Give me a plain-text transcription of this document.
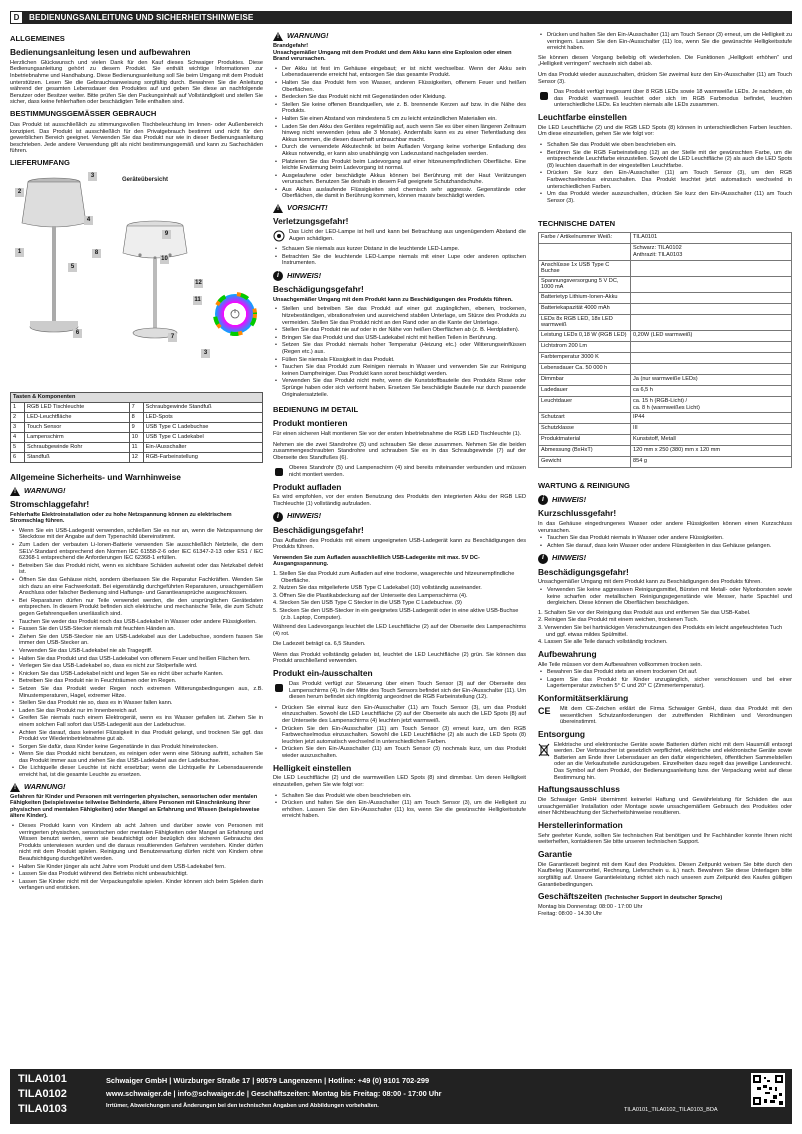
D	BEDIENUNGSANLEITUNG UND SICHERHEITSHINWEISE
ALLGEMEINES
Bedienungsanleitung lesen und aufbewahren

Herzlichen Glückwunsch und vielen Dank für den Kauf dieses Schwaiger Produktes. Diese Bedienungsanleitung gehört zu diesem Produkt. Sie enthält wichtige Informationen zur Inbetriebnahme und Handhabung. Diese Bedienungsanleitung soll Sie beim Umgang mit dem Produkt unterstützen. Lesen Sie die Gebrauchsanweisung sorgfältig durch. Bewahren Sie die Anleitung während der gesamten Lebensdauer des Produktes auf und geben Sie diese an nachfolgende Benutzer oder Besitzer weiter. Bitte prüfen Sie den Packungsinhalt auf Vollständigkeit und stellen Sie sicher, dass keine fehlerhaften oder beschädigten Teile enthalten sind.

BESTIMMUNGSGEMÄSSER GEBRAUCH

Das Produkt ist ausschließlich zu stimmungsvollen Tischbeleuchtung im Innen- oder Außenbereich konzipiert. Das Produkt ist ausschließlich für den Privatgebrauch bestimmt und nicht für den gewerblichen Bereich geeignet. Verwenden Sie das Produkt nur wie in dieser Bedienungsanleitung beschrieben. Jede andere Verwendung gilt als nicht bestimmungsgemäß und kann zu Sachschäden führen.

LIEFERUMFANG
Geräteübersicht
3
2
4
1
5
8
9
10
12
11
6
7
3
Tasten & Komponenten			
1	RGB LED Tischleuchte	7	Schraubgewinde Standfuß
2	LED-Leuchtfläche	8	LED-Spots
3	Touch Sensor	9	USB Type C Ladebuchse
4	Lampenschirm	10	USB Type C Ladekabel
5	Schraubgewinde Rohr	11	Ein-/Ausschalter
6	Standfuß	12	RGB-Farbeinstellung
Allgemeine Sicherheits- und Warnhinweise
! WARNUNG!
Stromschlaggefahr!
Fehlerhafte Elektroinstallation oder zu hohe Netzspannung können zu elektrischem Stromschlag führen.
• Wenn Sie ein USB-Ladegerät verwenden, schließen Sie es nur an, wenn die Netzspannung der Steckdose mit der Angabe auf dem Typenschild übereinstimmt.
• Zum Laden der verbauten Li-Ionen-Batterie verwenden Sie ausschließlich Netzteile, die dem SELV-Standard entsprechend den Normen IEC 61558-2-6 oder IEC 61347-2-13 oder ES1 / IEC 62368-1 entsprechend die Anforderungen IEC 62368-1 erfüllen.
• Betreiben Sie das Produkt nicht, wenn es sichtbare Schäden aufweist oder das Netzkabel defekt ist.
• Öffnen Sie das Gehäuse nicht, sondern überlassen Sie die Reparatur Fachkräften. Wenden Sie sich dazu an eine Fachwerkstatt. Bei eigenständig durchgeführten Reparaturen, unsachgemäßem Anschluss oder falscher Bedienung sind Haftungs- und Garantieansprüche ausgeschlossen.
• Bei Reparaturen dürfen nur Teile verwendet werden, die den ursprünglichen Gerätedaten entsprechen. In diesem Produkt befinden sich elektrische und mechanische Teile, die zum Schutz gegen Gefahrenquellen unerlässlich sind.
• Tauchen Sie weder das Produkt noch das USB-Ladekabel in Wasser oder andere Flüssigkeiten.
• Fassen Sie den USB-Stecker niemals mit feuchten Händen an.
• Ziehen Sie den USB-Stecker nie am USB-Ladekabel aus der Ladebuchse, sondern fassen Sie immer den USB-Stecker an.
• Verwenden Sie das USB-Ladekabel nie als Tragegriff.
• Halten Sie das Produkt und das USB-Ladekabel von offenem Feuer und heißen Flächen fern.
• Verlegen Sie das USB-Ladekabel so, dass es nicht zur Stolperfalle wird.
• Knicken Sie das USB-Ladekabel nicht und legen Sie es nicht über scharfe Kanten.
• Betreiben Sie das Produkt nie in Feuchträumen oder im Regen.
• Setzen Sie das Produkt weder Regen noch extremen Witterungsbedingungen aus, z.B. Minustemperaturen, Hagel, extremer Hitze.
• Stellen Sie das Produkt nie so, dass es in Wasser fallen kann.
• Laden Sie das Produkt nur im Innenbereich auf.
• Greifen Sie niemals nach einem Elektrogerät, wenn es ins Wasser gefallen ist. Ziehen Sie in einem solchen Fall sofort das USB-Ladegerät aus der Ladebuchse.
• Achten Sie darauf, dass keinerlei Flüssigkeit in das Produkt gelangt, und trocknen Sie ggf. das Produkt vor Wiederinbetriebnahme gut ab.
• Sorgen Sie dafür, dass Kinder keine Gegenstände in das Produkt hineinstecken.
• Wenn Sie das Produkt nicht benutzen, es reinigen oder wenn eine Störung auftritt, schalten Sie das Produkt immer aus und ziehen Sie das USB-Ladekabel aus der Ladebuchse.
• Die Lichtquelle dieser Leuchte ist nicht ersetzbar; wenn die Lichtquelle ihr Lebensdauerende erreicht hat, ist die gesamte Leuchte zu ersetzen.
! WARNUNG!
Gefahren für Kinder und Personen mit verringerten physischen, sensorischen oder mentalen Fähigkeiten (beispielsweise teilweise Behinderte, ältere Personen mit Einschränkung ihrer physischen und mentalen Fähigkeiten) oder Mangel an Erfahrung und Wissen (beispielsweise ältere Kinder).
• Dieses Produkt kann von Kindern ab acht Jahren und darüber sowie von Personen mit verringerten physischen, sensorischen oder mentalen Fähigkeiten oder Mangel an Erfahrung und Wissen benutzt werden, wenn sie beaufsichtigt oder bezüglich des sicheren Gebrauchs des Produkts unterwiesen wurden und die daraus resultierenden Gefahren verstehen. Kinder dürfen nicht mit dem Produkt spielen. Reinigung und Benutzerwartung dürfen nicht von Kindern ohne Beaufsichtigung durchgeführt werden.
• Halten Sie Kinder jünger als acht Jahre vom Produkt und dem USB-Ladekabel fern.
• Lassen Sie das Produkt während des Betriebs nicht unbeaufsichtigt.
• Lassen Sie Kinder nicht mit der Verpackungsfolie spielen. Kinder können sich beim Spielen darin verfangen und ersticken.
! WARNUNG!
Brandgefahr!
Unsachgemäßer Umgang mit dem Produkt und dem Akku kann eine Explosion oder einen Brand verursachen.
• Der Akku ist fest im Gehäuse eingebaut; er ist nicht wechselbar. Wenn der Akku sein Lebensdauerende erreicht hat, entsorgen Sie das gesamte Produkt.
• Halten Sie das Produkt fern von Wasser, anderen Flüssigkeiten, offenem Feuer und heißen Oberflächen.
• Bedecken Sie das Produkt nicht mit Gegenständen oder Kleidung.
• Stellen Sie keine offenen Brandquellen, wie z. B. brennende Kerzen auf bzw. in die Nähe des Produkts.
• Halten Sie einen Abstand von mindestens 5 cm zu leicht entzündlichen Materialien ein.
• Laden Sie den Akku des Gerätes regelmäßig auf, auch wenn Sie es über einen längeren Zeitraum hinweg nicht verwenden (etwa alle 3 Monate). Andernfalls kann es zu einer Tiefentladung des Akkus kommen, die diesen dauerhaft unbrauchbar macht.
• Durch die verwendete Akkutechnik ist beim Aufladen Vorgang keine vorherige Entladung des Akkus notwendig, er kann also unabhängig von Ladezustand nachgeladen werden.
• Platzieren Sie das Produkt beim Ladevorgang auf einer hitzeunempfindlichen Oberfläche. Eine leichte Erwärmung beim Ladevorgang ist normal.
• Ausgelaufene oder beschädigte Akkus können bei Berührung mit der Haut Verätzungen verursachen. Benutzen Sie deshalb in diesem Fall geeignete Schutzhandschuhe.
• Aus Akkus auslaufende Flüssigkeiten sind chemisch sehr aggressiv. Gegenstände oder Oberflächen, die damit in Berührung kommen, können massiv beschädigt werden.
! VORSICHT!
Verletzungsgefahr!

Das Licht der LED-Lampe ist hell und kann bei Betrachtung aus ungenügendem Abstand die Augen schädigen.

• Schauen Sie niemals aus kurzer Distanz in die leuchtende LED-Lampe.
• Betrachten Sie die leuchtende LED-Lampe niemals mit einer Lupe oder anderen optischen Instrumenten.
i	HINWEIS!
Beschädigungsgefahr!
Unsachgemäßer Umgang mit dem Produkt kann zu Beschädigungen des Produkts führen.
• Stellen und betreiben Sie das Produkt auf einer gut zugänglichen, ebenen, trockenen, hitzebeständigen, vibrationsfreien und ausreichend stabilen Unterlage, um Stürze des Produkts zu vermeiden. Stellen Sie das Produkt nicht an den Rand oder an die Kante der Unterlage.
• Stellen Sie das Produkt nie auf oder in der Nähe von heißen Oberflächen ab (z. B. Herdplatten).
• Bringen Sie das Produkt und das USB-Ladekabel nicht mit heißen Teilen in Berührung.
• Setzen Sie das Produkt niemals hoher Temperatur (Heizung etc.) oder Witterungseinflüssen (Regen etc.) aus.
• Füllen Sie niemals Flüssigkeit in das Produkt.
• Tauchen Sie das Produkt zum Reinigen niemals in Wasser und verwenden Sie zur Reinigung keinen Dampfreiniger. Das Produkt kann sonst beschädigt werden.
• Verwenden Sie das Produkt nicht mehr, wenn die Kunststoffbauteile des Produkts Risse oder Sprünge haben oder sich verformt haben. Ersetzen Sie beschädigte Bauteile nur durch passende Originalersatzteile.
BEDIENUNG IM DETAIL
Produkt montieren

Für einen sicheren Halt montieren Sie vor der ersten Inbetriebnahme die RGB LED Tischleuchte (1).

Nehmen sie die zwei Standrohre (5) und schrauben Sie diese zusammen. Nehmen Sie die beiden zusammengeschraubten Standrohre und schrauben Sie es in das Schraubgewinde (7) auf der Oberseite des Standfußes (6).

Oberes Standrohr (5) und Lampenschirm (4) sind bereits miteinander verbunden und müssen nicht montiert werden.

Produkt aufladen

Es wird empfohlen, vor der ersten Benutzung des Produkts den integrierten Akku der RGB LED Tischleuchte (1) vollständig aufzuladen.

i	HINWEIS!
Beschädigungsgefahr!

Das Aufladen des Produkts mit einem ungeeigneten USB-Ladegerät kann zu Beschädigungen des Produkts führen.

Verwenden Sie zum Aufladen ausschließlich USB-Ladegeräte mit max. 5V DC-Ausgangsspannung.
1. Stellen Sie das Produkt zum Aufladen auf eine trockene, waagerechte und hitzeunempfindliche Oberfläche.
2. Nutzen Sie das mitgelieferte USB Type C Ladekabel (10) vollständig auseinander.
3. Öffnen Sie die Plastikabdeckung auf der Unterseite des Lampenschirms (4).
4. Stecken Sie den USB Type C Stecker in die USB Type C Ladebuchse. (9)
5. Stecken Sie den USB-Stecker in ein geeignetes USB-Ladegerät oder in eine aktive USB-Buchse (z.b. Laptop, Computer).

Während des Ladevorgangs leuchtet die LED Leuchtfläche (2) auf der Oberseite des Lampenschirms (4) rot.

Die Ladezeit beträgt ca. 6,5 Stunden.

Wenn das Produkt vollständig geladen ist, leuchtet die LED Leuchtfläche (2) grün. Sie können das Produkt anschließend verwenden.

Produkt ein-/ausschalten

Das Produkt verfügt zur Steuerung über einen Touch Sensor (3) auf der Oberseite des Lampenschirms (4). In der Mitte des Touch Sensors befindet sich der Ein-/Ausschalter (11). Um diesen herum befindet sich ringförmig angeordnet die RGB Farbeinstellung (12).

• Drücken Sie einmal kurz den Ein-/Ausschalter (11) am Touch Sensor (3), um das Produkt einzuschalten. Sowohl die LED Leuchtfläche (2) auf der Oberseite als auch die LED Spots (8) auf der Unterseite des Lampenschirms (4) leuchten jetzt warmweiß.
• Drücken Sie den Ein-/Ausschalter (11) am Touch Sensor (3) erneut kurz, um den RGB Farbwechselmodus einzuschalten. Sowohl die LED Leuchtfläche (2) als auch die LED Spots (8) leuchten jetzt automatisch wechselnd in unterschiedlichen Farben.
• Drücken Sie den Ein-/Ausschalter (11) am Touch Sensor (3) nochmals kurz, um das Produkt wieder auszuschalten.
Helligkeit einstellen

Die LED Leuchtfläche (2) und die warmweißen LED Spots (8) sind dimmbar. Um deren Helligkeit einzustellen, gehen Sie wie folgt vor:

• Schalten Sie das Produkt wie oben beschrieben ein.
• Drücken und halten Sie den Ein-/Ausschalter (11) am Touch Sensor (3), um die Helligkeit zu erhöhen. Lassen Sie den Ein-/Ausschalter (11) los, wenn Sie die gewünschte Helligkeitsstufe erreicht haben.
• Drücken und halten Sie den Ein-/Ausschalter (11) am Touch Sensor (3) erneut, um die Helligkeit zu verringern. Lassen Sie den Ein-/Ausschalter (11) los, wenn Sie die gewünschte Helligkeitsstufe erreicht haben.

Sie können diesen Vorgang beliebig oft wiederholen. Die Funktionen „Helligkeit erhöhen“ und „Helligkeit verringern“ wechseln sich dabei ab.

Um das Produkt wieder auszuschalten, drücken Sie zweimal kurz den Ein-/Ausschalter (11) am Touch Sensor (3).

Das Produkt verfügt insgesamt über 8 RGB LEDs sowie 18 warmweiße LEDs. Je nachdem, ob das Produkt warmweiß leuchtet oder sich im RGB Farbmodus befindet, leuchten unterschiedliche LEDs. Es leuchten niemals alle LEDs zusammen.

Leuchtfarbe einstellen

Die LED Leuchtfläche (2) und die RGB LED Spots (8) können in unterschiedlichen Farben leuchten. Um diese einzustellen, gehen Sie wie folgt vor:

• Schalten Sie das Produkt wie oben beschrieben ein.
• Berühren Sie die RGB Farbeinstellung (12) an der Stelle mit der gewünschten Farbe, um die entsprechende Leuchtfarbe einzustellen. Sowohl die LED Leuchtfläche (2) als auch die LED Spots (8) leuchten dauerhaft in der eingestellten Leuchtfarbe.
• Drücken Sie kurz den Ein-/Ausschalter (11) am Touch Sensor (3), um den RGB Farbwechselmodus einzuschalten. Das Produkt leuchtet jetzt automatisch wechselnd in unterschiedlichen Farben.
• Um das Produkt wieder auszuschalten, drücken Sie kurz den Ein-/Ausschalter (11) am Touch Sensor (3).
TECHNISCHE DATEN
Farbe / Artikelnummer Weiß:	TILA0101
	Schwarz: TILA0102
Anthrazit: TILA0103
Anschlüsse 1x USB Type C Buchse	
Spannungsversorgung 5 V DC, 1000 mA	
Batterietyp Lithium-Ionen-Akku	
Batteriekapazität 4000 mAh	
LEDs 8x RGB LED, 18x LED warmweiß	
Leistung LEDs 0,18 W (RGB LED)	0,20W (LED warmweiß)
Lichtstrom 200 Lm	
Farbtemperatur 3000 K	
Lebensdauer Ca. 50 000 h	
Dimmbar	Ja (nur warmweiße LEDs)
Ladedauer	ca 6,5 h
Leuchtdauer	ca. 15 h (RGB-Licht) /
ca. 8 h (warmweißes Licht)
Schutzart	IP44
Schutzklasse	III
Produktmaterial	Kunststoff, Metall
Abmessung (BxHxT)	120 mm x 250 (380) mm x 120 mm
Gewicht	854 g
WARTUNG & REINIGUNG
i	HINWEIS!
Kurzschlussgefahr!

In das Gehäuse eingedrungenes Wasser oder andere Flüssigkeiten können einen Kurzschluss verursachen.

• Tauchen Sie das Produkt niemals in Wasser oder andere Flüssigkeiten.
• Achten Sie darauf, dass kein Wasser oder andere Flüssigkeiten in das Gehäuse gelangen.
i	HINWEIS!
Beschädigungsgefahr!

Unsachgemäßer Umgang mit dem Produkt kann zu Beschädigungen des Produkts führen.

• Verwenden Sie keine aggressiven Reinigungsmittel, Bürsten mit Metall- oder Nylonborsten sowie keine scharfen oder metallischen Reinigungsgegenstände wie Messer, harte Spachtel und dergleichen. Diese können die Oberflächen beschädigen.
1. Schalten Sie vor der Reinigung das Produkt aus und entfernen Sie das USB-Kabel.
2. Reinigen Sie das Produkt mit einem weichen, trockenen Tuch.
3. Verwenden Sie bei hartnäckigen Verschmutzungen des Produkts ein leicht angefeuchtetes Tuch und ggf. etwas mildes Spülmittel.
4. Lassen Sie alle Teile danach vollständig trocknen.
Aufbewahrung

Alle Teile müssen vor dem Aufbewahren vollkommen trocken sein.

• Bewahren Sie das Produkt stets an einem trockenen Ort auf.
• Lagern Sie das Produkt für Kinder unzugänglich, sicher verschlossen und bei einer Lagertemperatur zwischen 5° C und 20° C (Zimmertemperatur).
Konformitätserklärung
CE	Mit dem CE-Zeichen erklärt die Firma Schwaiger GmbH, dass das Produkt mit den wesentlichen Schutzanforderungen der zutreffenden Richtlinien und Verordnungen übereinstimmt.

Entsorgung

Elektrische und elektronische Geräte sowie Batterien dürfen nicht mit dem Hausmüll entsorgt werden. Der Verbraucher ist gesetzlich verpflichtet, elektrische und elektronische Geräte sowie Batterien am Ende ihrer Lebensdauer an den dafür eingerichteten, öffentlichen Sammelstellen oder an die Verkaufsstelle zurückzugeben. Einzelheiten dazu regelt das jeweilige Landesrecht. Das Symbol auf dem Produkt, der Bedienungsanleitung bzw. der Verpackung weist auf diese Bestimmung hin.

Haftungsausschluss

Die Schwaiger GmbH übernimmt keinerlei Haftung und Gewährleistung für Schäden die aus unsachgemäßer Installation oder Montage sowie unsachgemäßem Gebrauch des Produktes oder einer Nichtbeachtung der Sicherheitshinweise resultieren.

Herstellerinformation

Sehr geehrter Kunde, sollten Sie technischen Rat benötigen und Ihr Fachhändler konnte Ihnen nicht weiterhelfen, kontaktieren Sie bitte unseren technischen Support.

Garantie

Die Garantiezeit beginnt mit dem Kauf des Produktes. Diesen Zeitpunkt weisen Sie bitte durch den Kaufbeleg (Kassenzettel, Rechnung, Lieferschein u. ä.) nach. Bewahren Sie diese Unterlagen bitte sorgfältig auf. Unsere Garantieleistung richtet sich nach unseren zum Zeitpunkt des Kaufes gültigen Garantiebedingungen.

Geschäftszeiten (Technischer Support in deutscher Sprache)
Montag bis Donnerstag: 08:00 - 17:00 Uhr
Freitag: 08:00 - 14.30 Uhr
TILA0101
TILA0102
TILA0103
Schwaiger GmbH | Würzburger Straße 17 | 90579 Langenzenn | Hotline: +49 (0) 9101 702-299
www.schwaiger.de | info@schwaiger.de | Geschäftszeiten: Montag bis Freitag: 08:00 - 17:00 Uhr
Irrtümer, Abweichungen und Änderungen bei den technischen Angaben und Abbildungen vorbehalten.
TILA0101_TILA0102_TILA0103_BDA
